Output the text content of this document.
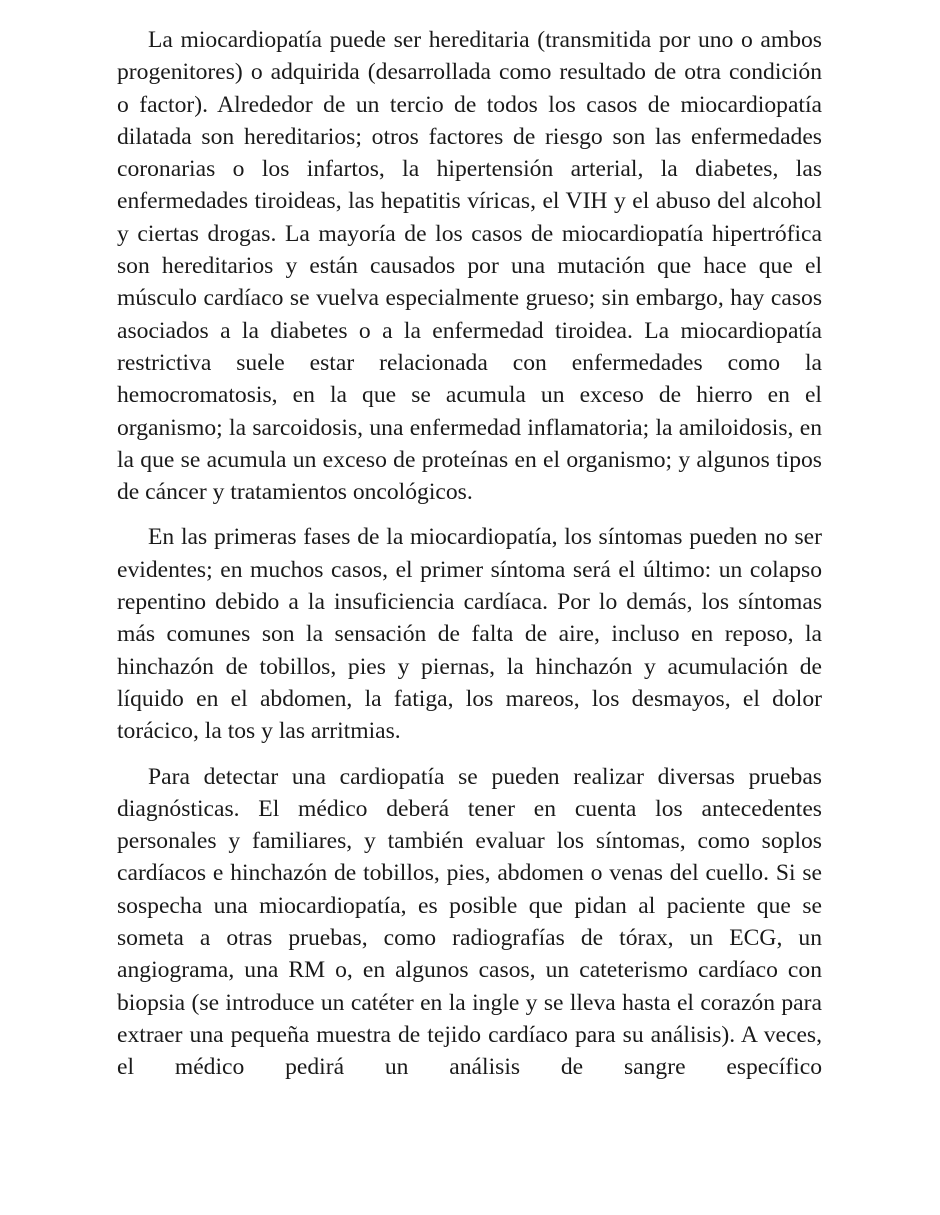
La miocardiopatía puede ser hereditaria (transmitida por uno o ambos progenitores) o adquirida (desarrollada como resultado de otra condición o factor). Alrededor de un tercio de todos los casos de miocardiopatía dilatada son hereditarios; otros factores de riesgo son las enfermedades coronarias o los infartos, la hipertensión arterial, la diabetes, las enfermedades tiroideas, las hepatitis víricas, el VIH y el abuso del alcohol y ciertas drogas. La mayoría de los casos de miocardiopatía hipertrófica son hereditarios y están causados por una mutación que hace que el músculo cardíaco se vuelva especialmente grueso; sin embargo, hay casos asociados a la diabetes o a la enfermedad tiroidea. La miocardiopatía restrictiva suele estar relacionada con enfermedades como la hemocromatosis, en la que se acumula un exceso de hierro en el organismo; la sarcoidosis, una enfermedad inflamatoria; la amiloidosis, en la que se acumula un exceso de proteínas en el organismo; y algunos tipos de cáncer y tratamientos oncológicos.

En las primeras fases de la miocardiopatía, los síntomas pueden no ser evidentes; en muchos casos, el primer síntoma será el último: un colapso repentino debido a la insuficiencia cardíaca. Por lo demás, los síntomas más comunes son la sensación de falta de aire, incluso en reposo, la hinchazón de tobillos, pies y piernas, la hinchazón y acumulación de líquido en el abdomen, la fatiga, los mareos, los desmayos, el dolor torácico, la tos y las arritmias.

Para detectar una cardiopatía se pueden realizar diversas pruebas diagnósticas. El médico deberá tener en cuenta los antecedentes personales y familiares, y también evaluar los síntomas, como soplos cardíacos e hinchazón de tobillos, pies, abdomen o venas del cuello. Si se sospecha una miocardiopatía, es posible que pidan al paciente que se someta a otras pruebas, como radiografías de tórax, un ECG, un angiograma, una RM o, en algunos casos, un cateterismo cardíaco con biopsia (se introduce un catéter en la ingle y se lleva hasta el corazón para extraer una pequeña muestra de tejido cardíaco para su análisis). A veces, el médico pedirá un análisis de sangre específico
